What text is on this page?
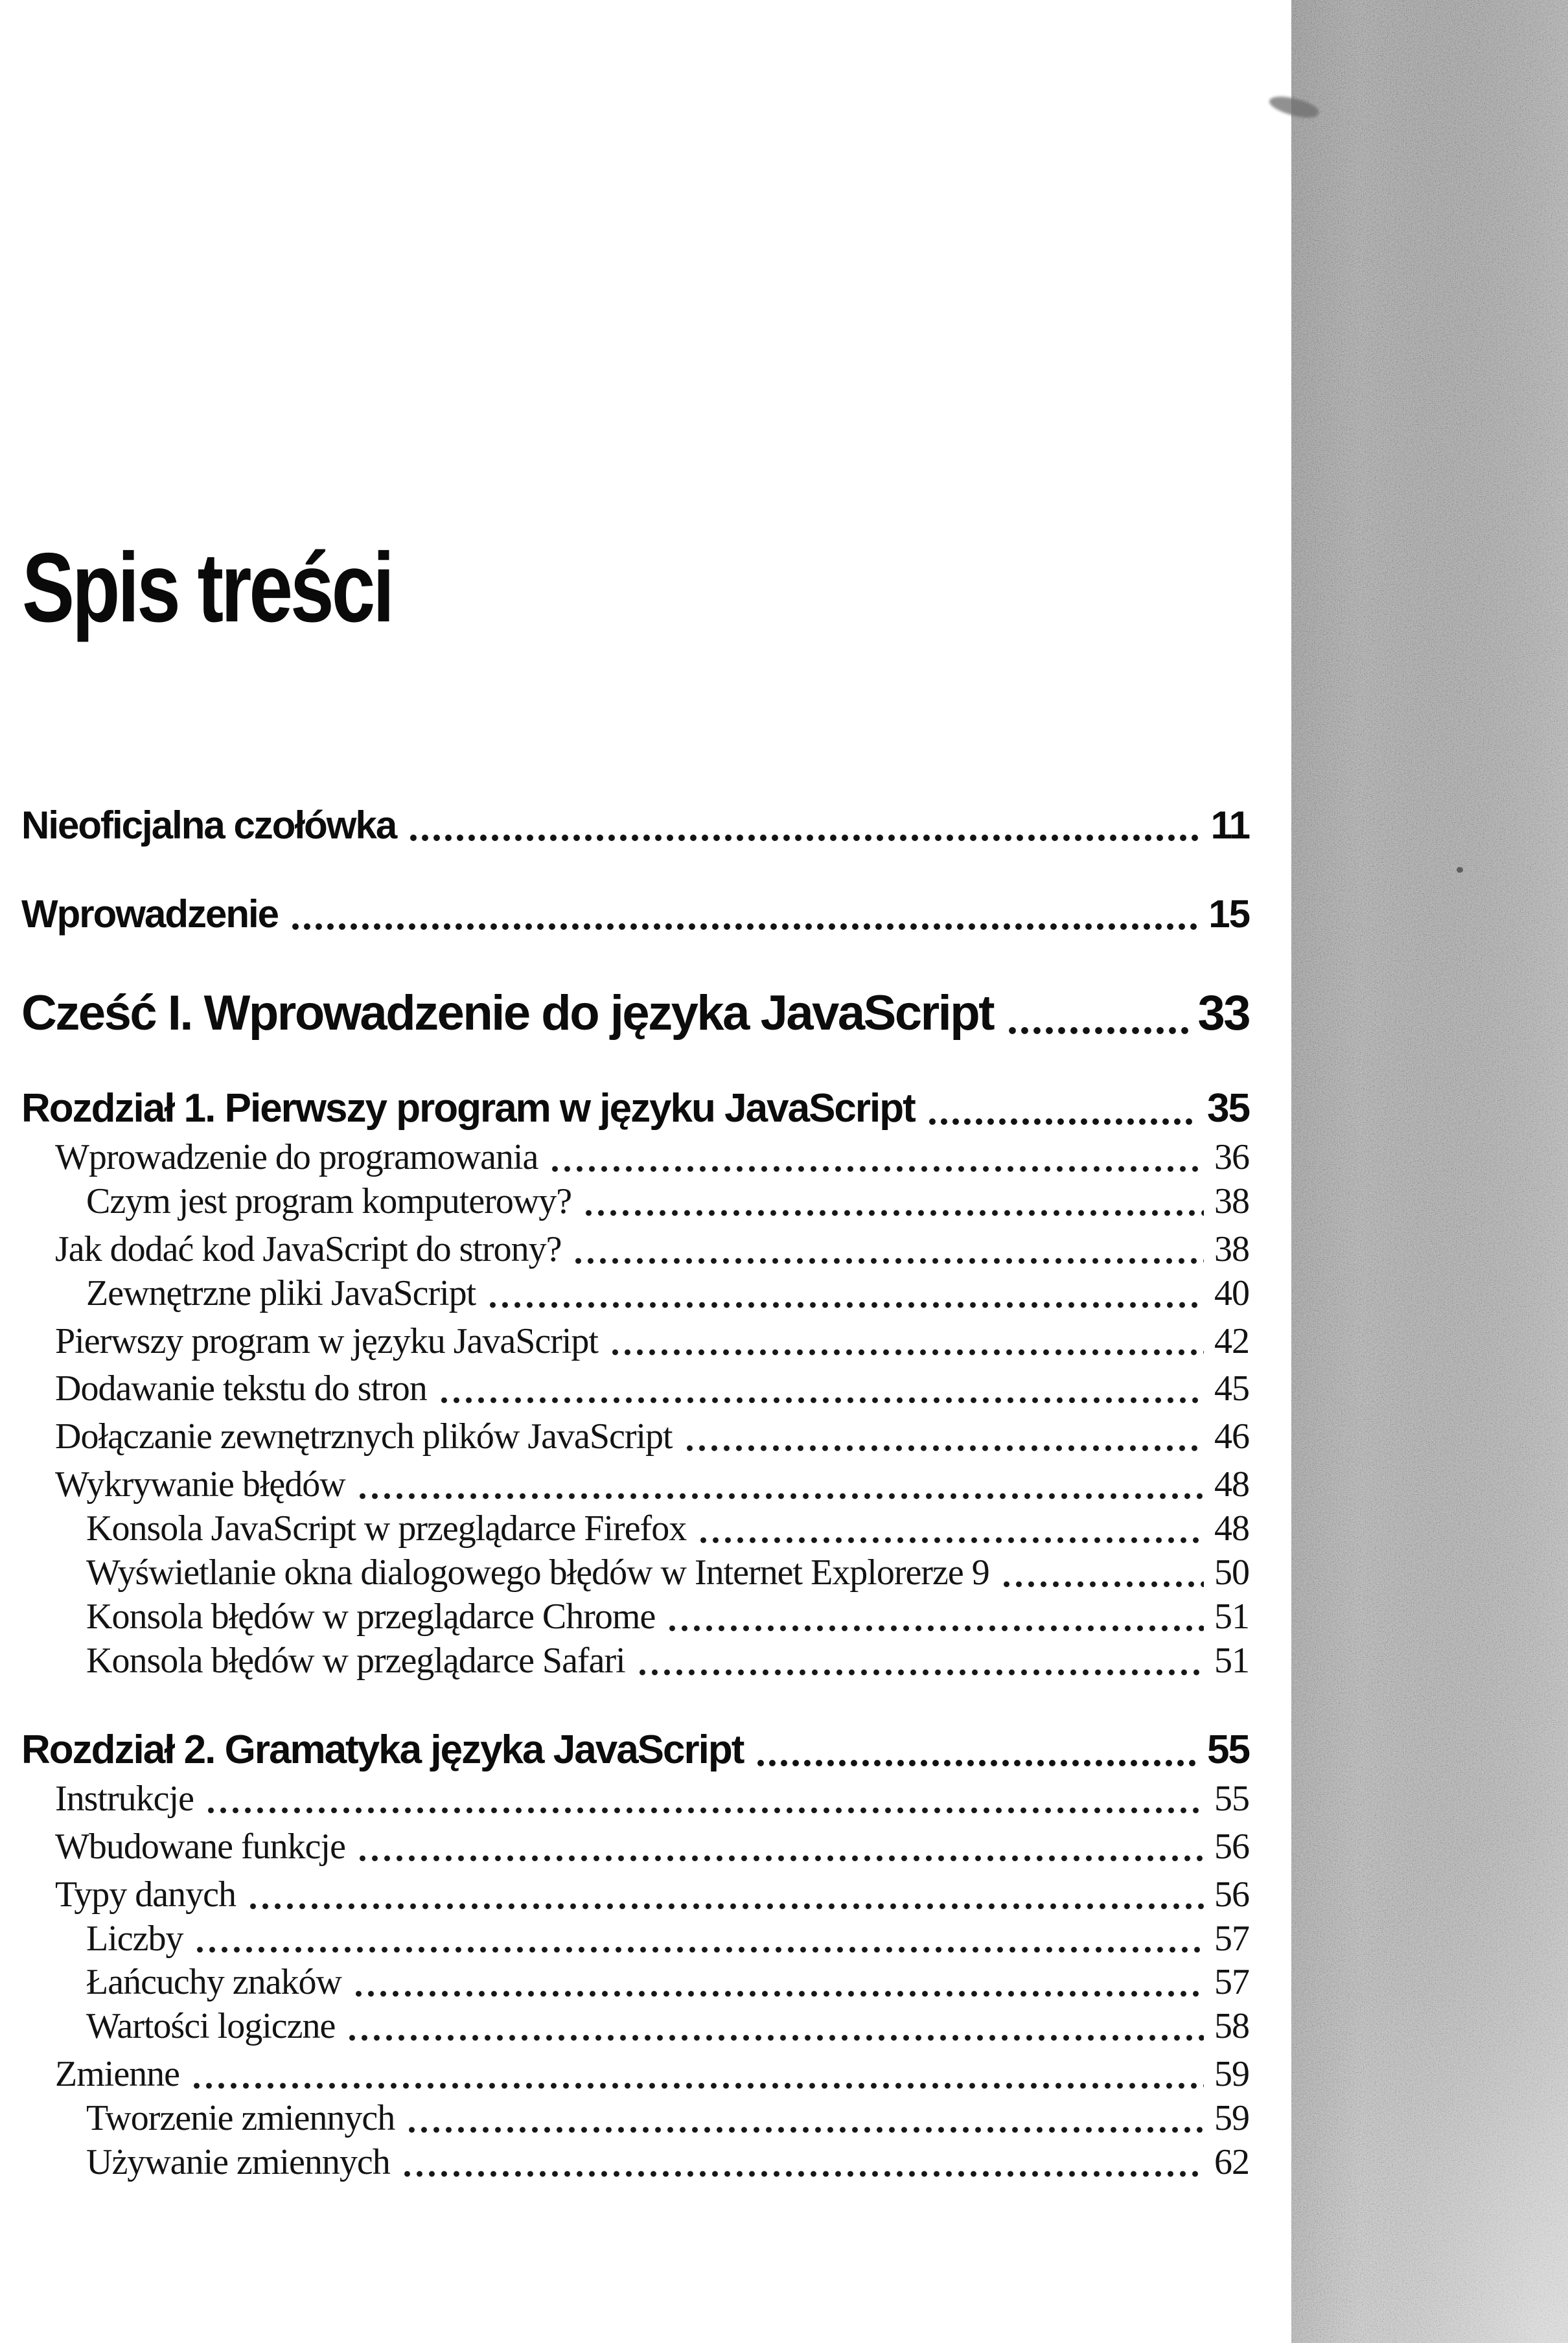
Spis treści
Nieoficjalna czołówka	11
Wprowadzenie	15
Cześć I. Wprowadzenie do języka JavaScript	33
Rozdział 1. Pierwszy program w języku JavaScript	35
Wprowadzenie do programowania	36
Czym jest program komputerowy?	38
Jak dodać kod JavaScript do strony?	38
Zewnętrzne pliki JavaScript	40
Pierwszy program w języku JavaScript	42
Dodawanie tekstu do stron	45
Dołączanie zewnętrznych plików JavaScript	46
Wykrywanie błędów	48
Konsola JavaScript w przeglądarce Firefox	48
Wyświetlanie okna dialogowego błędów w Internet Explorerze 9	50
Konsola błędów w przeglądarce Chrome	51
Konsola błędów w przeglądarce Safari	51
Rozdział 2. Gramatyka języka JavaScript	55
Instrukcje	55
Wbudowane funkcje	56
Typy danych	56
Liczby	57
Łańcuchy znaków	57
Wartości logiczne	58
Zmienne	59
Tworzenie zmiennych	59
Używanie zmiennych	62
